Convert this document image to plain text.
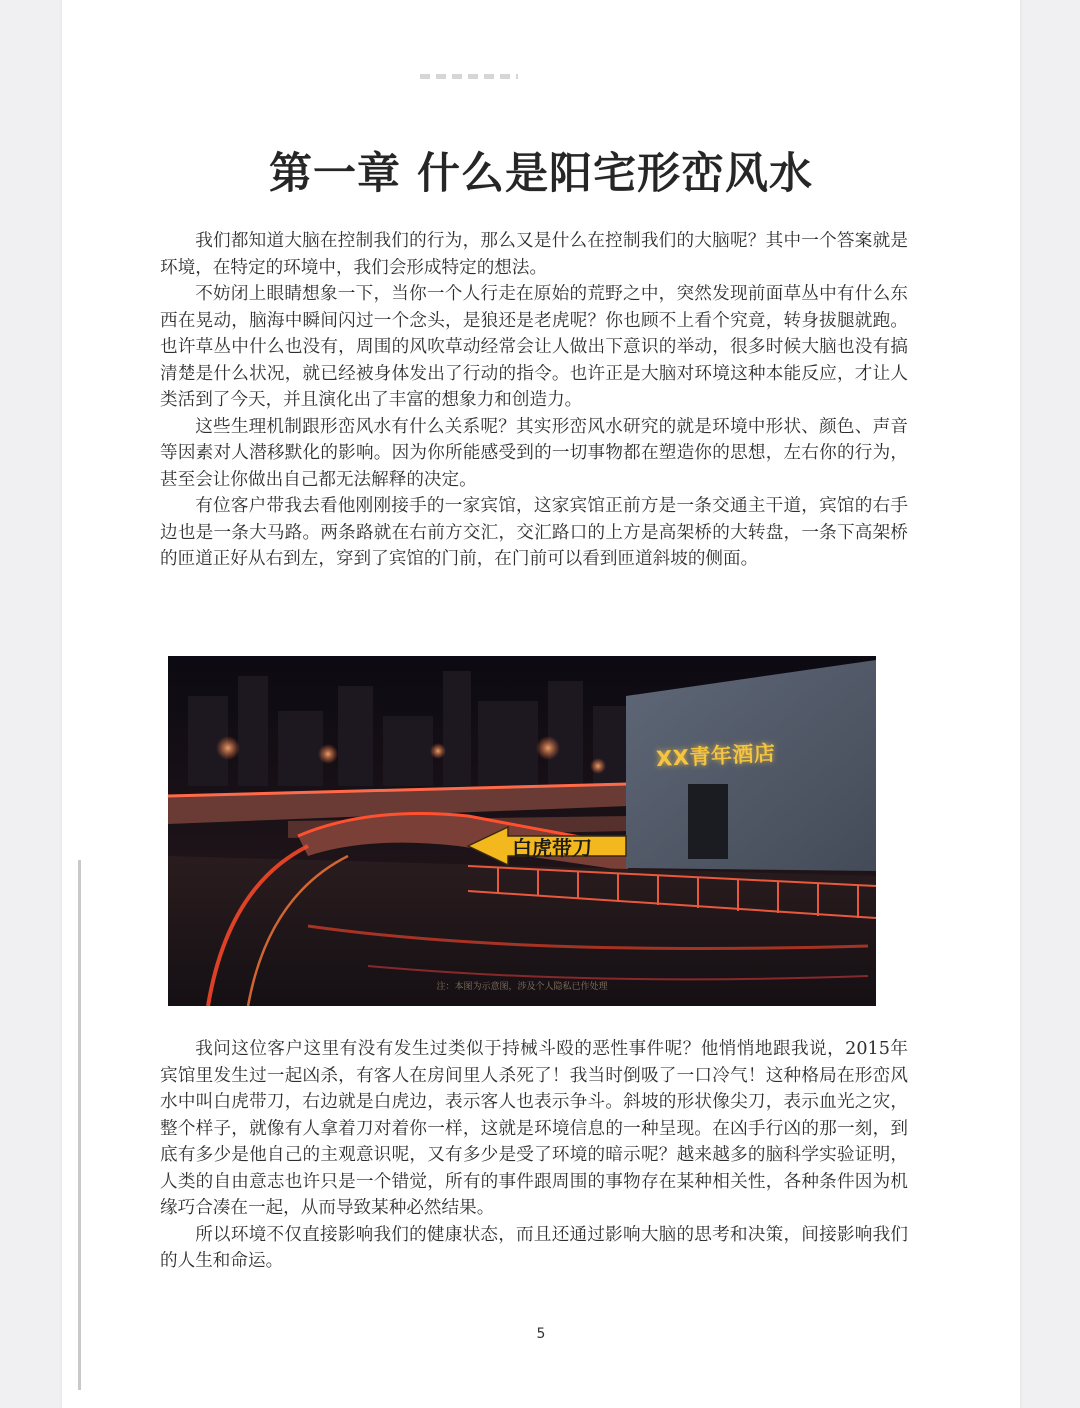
第一章 什么是阳宅形峦风水

我们都知道大脑在控制我们的行为，那么又是什么在控制我们的大脑呢？其中一个答案就是环境，在特定的环境中，我们会形成特定的想法。

不妨闭上眼睛想象一下，当你一个人行走在原始的荒野之中，突然发现前面草丛中有什么东西在晃动，脑海中瞬间闪过一个念头，是狼还是老虎呢？你也顾不上看个究竟，转身拔腿就跑。也许草丛中什么也没有，周围的风吹草动经常会让人做出下意识的举动，很多时候大脑也没有搞清楚是什么状况，就已经被身体发出了行动的指令。也许正是大脑对环境这种本能反应，才让人类活到了今天，并且演化出了丰富的想象力和创造力。

这些生理机制跟形峦风水有什么关系呢？其实形峦风水研究的就是环境中形状、颜色、声音等因素对人潜移默化的影响。因为你所能感受到的一切事物都在塑造你的思想，左右你的行为，甚至会让你做出自己都无法解释的决定。

有位客户带我去看他刚刚接手的一家宾馆，这家宾馆正前方是一条交通主干道，宾馆的右手边也是一条大马路。两条路就在右前方交汇，交汇路口的上方是高架桥的大转盘，一条下高架桥的匝道正好从右到左，穿到了宾馆的门前，在门前可以看到匝道斜坡的侧面。

XX青年酒店
白虎带刀
注：本图为示意图，涉及个人隐私已作处理

我问这位客户这里有没有发生过类似于持械斗殴的恶性事件呢？他悄悄地跟我说，2015年宾馆里发生过一起凶杀，有客人在房间里人杀死了！我当时倒吸了一口冷气！这种格局在形峦风水中叫白虎带刀，右边就是白虎边，表示客人也表示争斗。斜坡的形状像尖刀，表示血光之灾，整个样子，就像有人拿着刀对着你一样，这就是环境信息的一种呈现。在凶手行凶的那一刻，到底有多少是他自己的主观意识呢，又有多少是受了环境的暗示呢？越来越多的脑科学实验证明，人类的自由意志也许只是一个错觉，所有的事件跟周围的事物存在某种相关性，各种条件因为机缘巧合凑在一起，从而导致某种必然结果。

所以环境不仅直接影响我们的健康状态，而且还通过影响大脑的思考和决策，间接影响我们的人生和命运。

5
